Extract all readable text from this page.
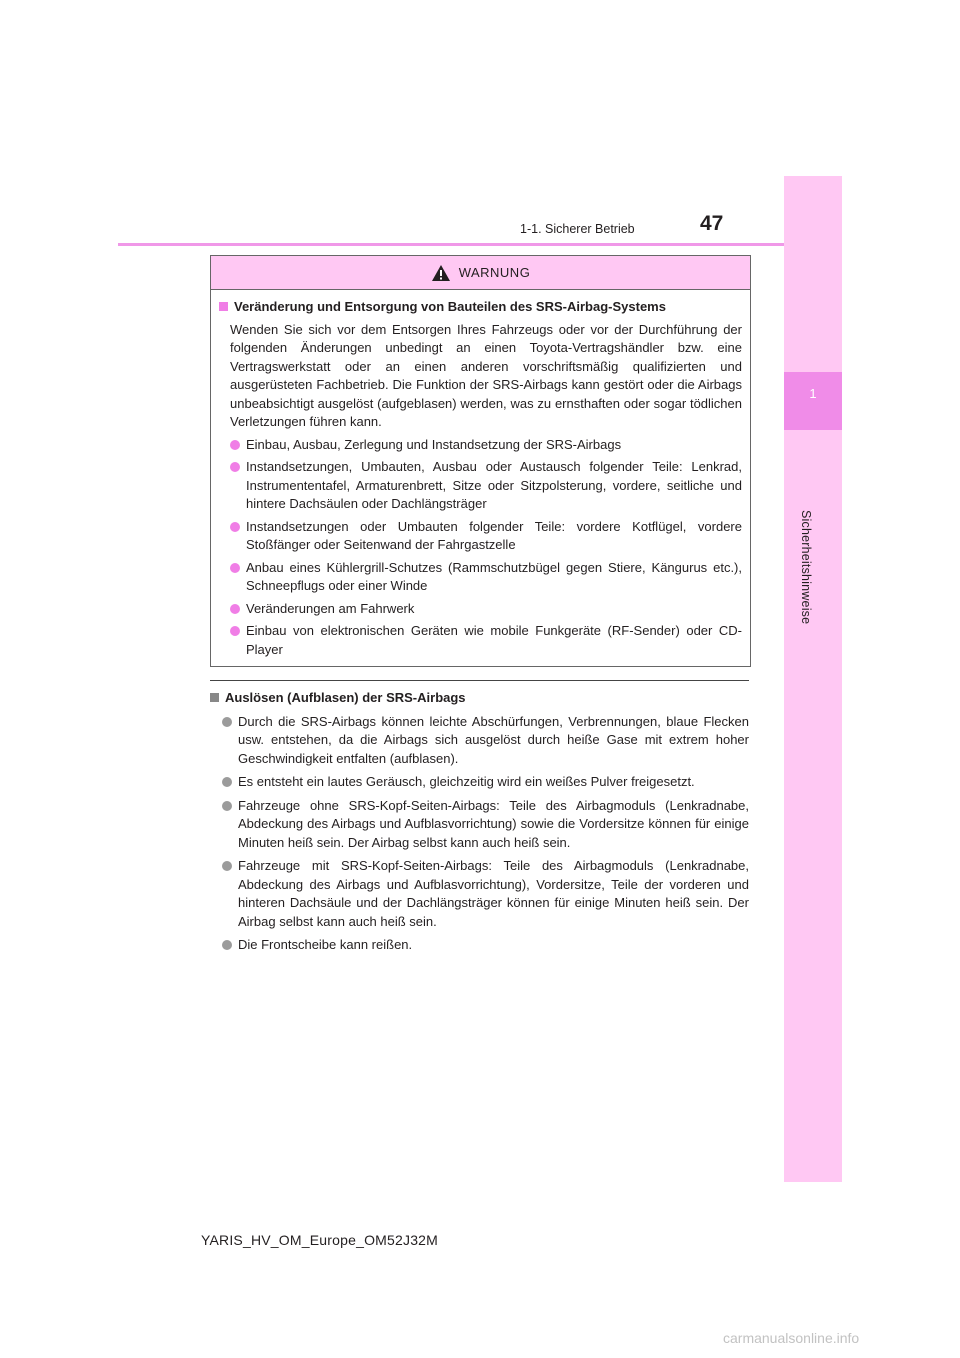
1
Sicherheitshinweise
1-1. Sicherer Betrieb	47
WARNUNG
Veränderung und Entsorgung von Bauteilen des SRS-Airbag-Systems
Wenden Sie sich vor dem Entsorgen Ihres Fahrzeugs oder vor der Durchführung der folgenden Änderungen unbedingt an einen Toyota-Vertragshändler bzw. eine Vertragswerkstatt oder an einen anderen vorschriftsmäßig qualifizierten und ausgerüsteten Fachbetrieb. Die Funktion der SRS-Airbags kann gestört oder die Airbags unbeabsichtigt ausgelöst (aufgeblasen) werden, was zu ernsthaften oder sogar tödlichen Verletzungen führen kann.
Einbau, Ausbau, Zerlegung und Instandsetzung der SRS-Airbags
Instandsetzungen, Umbauten, Ausbau oder Austausch folgender Teile: Lenkrad, Instrumententafel, Armaturenbrett, Sitze oder Sitzpolsterung, vordere, seitliche und hintere Dachsäulen oder Dachlängsträger
Instandsetzungen oder Umbauten folgender Teile: vordere Kotflügel, vordere Stoßfänger oder Seitenwand der Fahrgastzelle
Anbau eines Kühlergrill-Schutzes (Rammschutzbügel gegen Stiere, Kängurus etc.), Schneepflugs oder einer Winde
Veränderungen am Fahrwerk
Einbau von elektronischen Geräten wie mobile Funkgeräte (RF-Sender) oder CD-Player
Auslösen (Aufblasen) der SRS-Airbags
Durch die SRS-Airbags können leichte Abschürfungen, Verbrennungen, blaue Flecken usw. entstehen, da die Airbags sich ausgelöst durch heiße Gase mit extrem hoher Geschwindigkeit entfalten (aufblasen).
Es entsteht ein lautes Geräusch, gleichzeitig wird ein weißes Pulver freigesetzt.
Fahrzeuge ohne SRS-Kopf-Seiten-Airbags: Teile des Airbagmoduls (Lenkradnabe, Abdeckung des Airbags und Aufblasvorrichtung) sowie die Vordersitze können für einige Minuten heiß sein. Der Airbag selbst kann auch heiß sein.
Fahrzeuge mit SRS-Kopf-Seiten-Airbags: Teile des Airbagmoduls (Lenkradnabe, Abdeckung des Airbags und Aufblasvorrichtung), Vordersitze, Teile der vorderen und hinteren Dachsäule und der Dachlängsträger können für einige Minuten heiß sein. Der Airbag selbst kann auch heiß sein.
Die Frontscheibe kann reißen.
YARIS_HV_OM_Europe_OM52J32M
carmanualsonline.info
